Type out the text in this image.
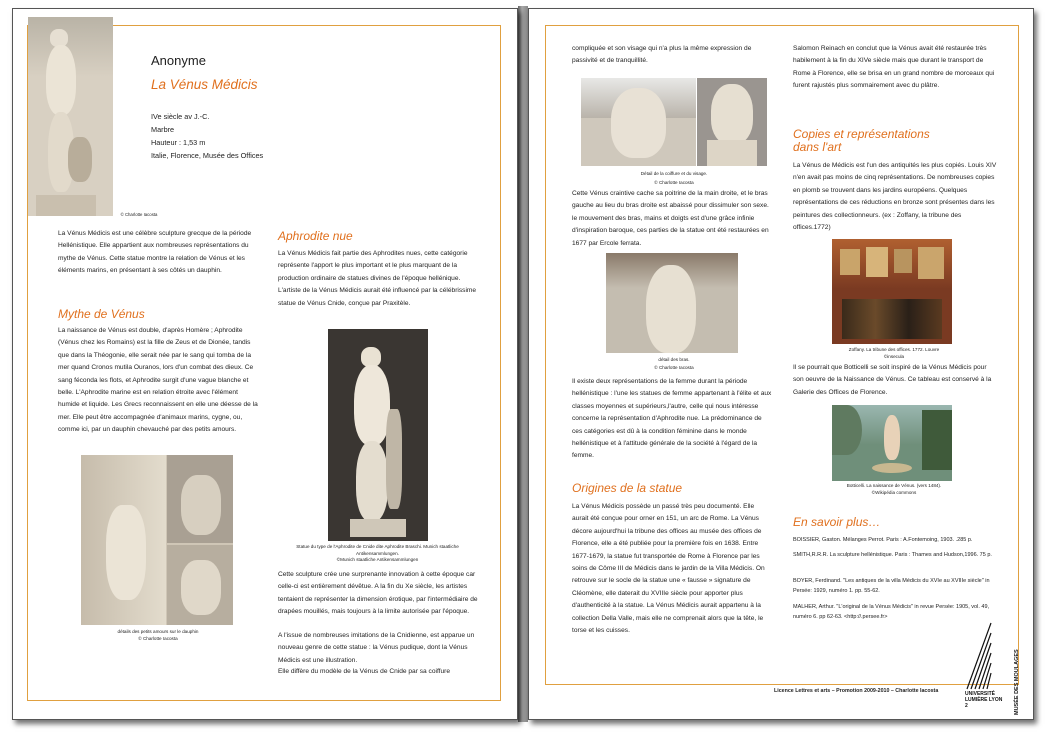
© Charlotte Iacosta
Anonyme
La Vénus Médicis
IVe siècle av J.-C.
Marbre
Hauteur : 1,53 m
Italie, Florence, Musée des Offices
La Vénus Médicis est une célèbre sculpture grecque de la période Hellénistique. Elle appartient aux nombreuses représentations du mythe de Vénus. Cette statue montre la relation de Vénus et les éléments marins, en présentant à ses côtés un dauphin.
Mythe de Vénus
La naissance de Vénus est double, d'après Homère ; Aphrodite (Vénus chez les Romains) est la fille de Zeus et de Dionée, tandis que dans la Théogonie, elle serait née par le sang qui tomba de la mer quand Cronos mutila Ouranos, lors d'un combat des dieux. Ce sang féconda les flots, et Aphrodite surgit d'une vague blanche et belle. L'Aphrodite marine est en relation étroite avec l'élément humide et liquide. Les Grecs reconnaissent en elle une déesse de la mer. Elle peut être accompagnée d'animaux marins, cygne, ou, comme ici, par un dauphin chevauché par des petits amours.
détails des petits amours sur le dauphin
© Charlotte Iacosta
Aphrodite nue
La Vénus Médicis fait partie des Aphrodites nues, cette catégorie représente l'apport le plus important et le plus marquant de la production ordinaire de statues divines de l'époque hellénique. L'artiste de la Vénus Médicis aurait été influencé par la célébrissime statue de Vénus Cnide, conçue par Praxitèle.
Statue du type de l'Aphrodite de Cnide dite Aphrodite Braschi. Munich staatliche Antikensammlungen.
©Munich staatliche Antikensammlungen
Cette sculpture crée une surprenante innovation à cette époque car celle-ci est entièrement dévêtue. A la fin du Xe siècle, les artistes tentaient de représenter la dimension érotique, par l'intermédiaire de drapées mouillés, mais toujours à la limite autorisée par l'époque.
A l'issue de nombreuses imitations de la Cnidienne, est apparue un nouveau genre de cette statue : la Vénus pudique, dont la Vénus Médicis est une illustration.
Elle diffère du modèle de la Vénus de Cnide par sa coiffure
compliquée et son visage qui n'a plus la même expression de passivité et de tranquillité.
Détail de la coiffure et du visage.
© Charlotte Iacosta
Cette Vénus craintive cache sa poitrine de la main droite, et le bras gauche au lieu du bras droite est abaissé pour dissimuler son sexe. le mouvement des bras, mains et doigts est d'une grâce infinie d'inspiration baroque, ces parties de la statue ont été restaurées en 1677 par Ercole ferrata.
détail des bras.
© Charlotte Iacosta
Il existe deux représentations de la femme durant la période hellénistique : l'une les statues de femme appartenant à l'élite et aux classes moyennes et supérieurs,l'autre, celle qui nous intéresse concerne la représentation d'Aphrodite nue. La prédominance de ces catégories est dû à la condition féminine dans le monde hellénistique et à l'attitude générale de la société à l'égard de la femme.
Origines de la statue
La Vénus Médicis possède un passé très peu documenté. Elle aurait été conçue pour orner en 151, un arc de Rome. La Vénus décore aujourd'hui la tribune des offices au musée des offices de Florence, elle a été publiée pour la première fois en 1638. Entre 1677-1679, la statue fut transportée de Rome à Florence par les soins de Côme III de Médicis dans le jardin de la Villa Médicis. On retrouve sur le socle de la statue une « fausse » signature de Cléomène, elle daterait du XVIIIe siècle pour apporter plus d'authenticité à la statue. La Vénus Médicis aurait appartenu à la collection Della Valle, mais elle ne comprenait alors que la tête, le torse et les cuisses.
Salomon Reinach en conclut que la Vénus avait été restaurée très habilement à la fin du XIVe siècle mais que durant le transport de Rome à Florence, elle se brisa en un grand nombre de morceaux qui furent rajustés plus sommairement avec du plâtre.
Copies et représentations
dans l'art
La Vénus de Médicis est l'un des antiquités les plus copiés. Louis XIV n'en avait pas moins de cinq représentations. De nombreuses copies en plomb se trouvent dans les jardins européens. Quelques représentations de ces réductions en bronze sont présentes dans les peintures des collectionneurs. (ex : Zoffany, la tribune des offices.1772)
Zoffany. La tribune des offices. 1772. Louvre
©insecula
Il se pourrait que Botticelli se soit inspiré de la Vénus Médicis pour son oeuvre de la Naissance de Vénus. Ce tableau est conservé à la Galerie des Offices de Florence.
Botticelli. La naissance de Vénus. (vers 1484).
©Wikipédia commons
En savoir plus…
BOISSIER, Gaston. Mélanges Perrot. Paris : A.Fontemoing, 1903. .285 p.
SMITH,R.R.R. La sculpture hellénistique. Paris : Thames and Hudson,1996. 75 p.
BOYER, Ferdinand. "Les antiques de la villa Médicis du XVIe au XVIIIe siècle" in Persée: 1929, numéro 1. pp. 55-62.
MALHER, Arthur. "L'original de la Vénus Médicis" in revue Persée: 1905, vol. 49, numéro 6. pp 62-63. <http://.persee.fr>
Licence Lettres et arts – Promotion 2009-2010 – Charlotte Iacosta	UNIVERSITÉ LUMIÈRE LYON 2	MUSÉE DES MOULAGES
